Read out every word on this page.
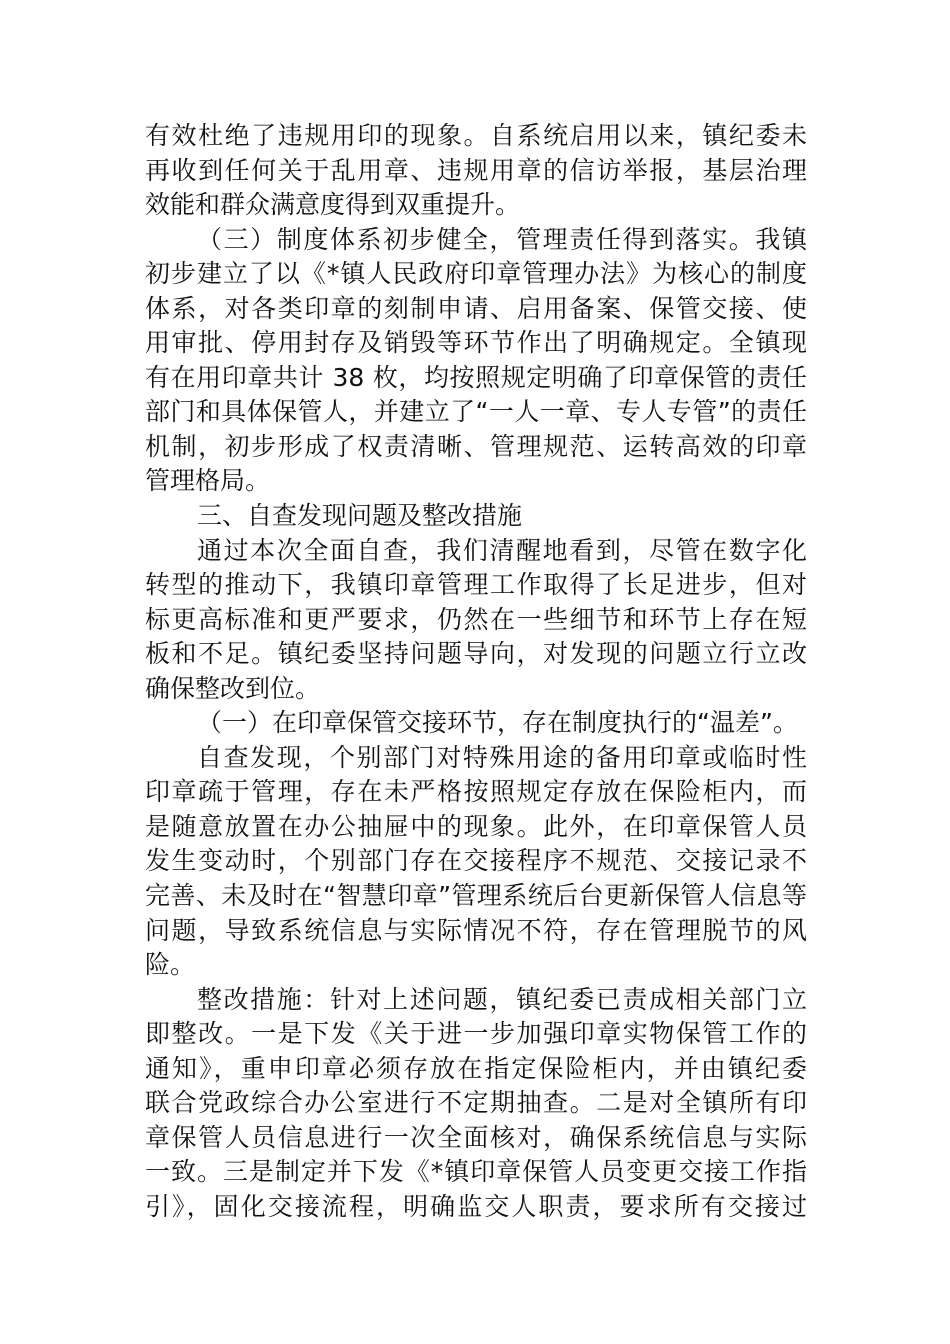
有效杜绝了违规用印的现象。自系统启用以来，镇纪委未
再收到任何关于乱用章、违规用章的信访举报，基层治理
效能和群众满意度得到双重提升。
（三）制度体系初步健全，管理责任得到落实。我镇
初步建立了以《*镇人民政府印章管理办法》为核心的制度
体系，对各类印章的刻制申请、启用备案、保管交接、使
用审批、停用封存及销毁等环节作出了明确规定。全镇现
有在用印章共计 38 枚，均按照规定明确了印章保管的责任
部门和具体保管人，并建立了“一人一章、专人专管”的责任
机制，初步形成了权责清晰、管理规范、运转高效的印章
管理格局。
三、自查发现问题及整改措施
通过本次全面自查，我们清醒地看到，尽管在数字化
转型的推动下，我镇印章管理工作取得了长足进步，但对
标更高标准和更严要求，仍然在一些细节和环节上存在短
板和不足。镇纪委坚持问题导向，对发现的问题立行立改
确保整改到位。
（一）在印章保管交接环节，存在制度执行的“温差”。
自查发现，个别部门对特殊用途的备用印章或临时性
印章疏于管理，存在未严格按照规定存放在保险柜内，而
是随意放置在办公抽屉中的现象。此外，在印章保管人员
发生变动时，个别部门存在交接程序不规范、交接记录不
完善、未及时在“智慧印章”管理系统后台更新保管人信息等
问题，导致系统信息与实际情况不符，存在管理脱节的风
险。
整改措施：针对上述问题，镇纪委已责成相关部门立
即整改。一是下发《关于进一步加强印章实物保管工作的
通知》，重申印章必须存放在指定保险柜内，并由镇纪委
联合党政综合办公室进行不定期抽查。二是对全镇所有印
章保管人员信息进行一次全面核对，确保系统信息与实际
一致。三是制定并下发《*镇印章保管人员变更交接工作指
引》，固化交接流程，明确监交人职责，要求所有交接过
